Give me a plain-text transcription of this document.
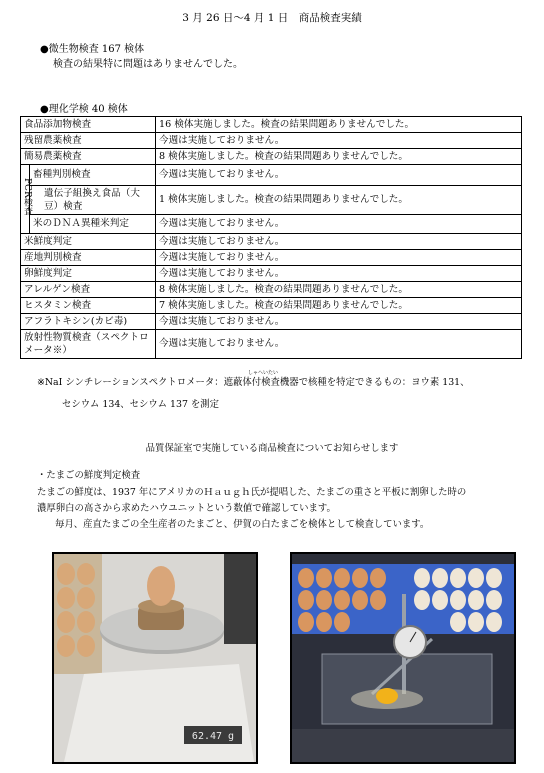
3 月 26 日～4 月 1 日　商品検査実績
●微生物検査 167 検体
検査の結果特に問題はありませんでした。
●理化学検 40 検体
食品添加物検査		16 検体実施しました。検査の結果問題ありませんでした。
残留農薬検査		今週は実施しておりません。
簡易農薬検査		8 検体実施しました。検査の結果問題ありませんでした。
PCR検査	畜種判別検査	今週は実施しておりません。
	遺伝子組換え食品（大豆）検査	1 検体実施しました。検査の結果問題ありませんでした。
	米のＤＮＡ異種米判定	今週は実施しておりません。
米鮮度判定		今週は実施しておりません。
産地判別検査		今週は実施しておりません。
卵鮮度判定		今週は実施しておりません。
アレルゲン検査		8 検体実施しました。検査の結果問題ありませんでした。
ヒスタミン検査		7 検体実施しました。検査の結果問題ありませんでした。
アフラトキシン(カビ毒)		今週は実施しておりません。
放射性物質検査（スペクトロメータ※）		今週は実施しておりません。
しゃへいたい
※NaI シンチレーションスペクトロメータ：遮蔽体付検査機器で核種を特定できるもの：ヨウ素 131、
セシウム 134、セシウム 137 を測定
品質保証室で実施している商品検査についてお知らせします
・たまごの鮮度判定検査
たまごの鮮度は、1937 年にアメリカのＨａｕｇｈ氏が提唱した、たまごの重さと平板に割卵した時の
濃厚卵白の高さから求めたハウユニットという数値で確認しています。
毎月、産直たまごの全生産者のたまごと、伊賀の白たまごを検体として検査しています。
62.47 g
